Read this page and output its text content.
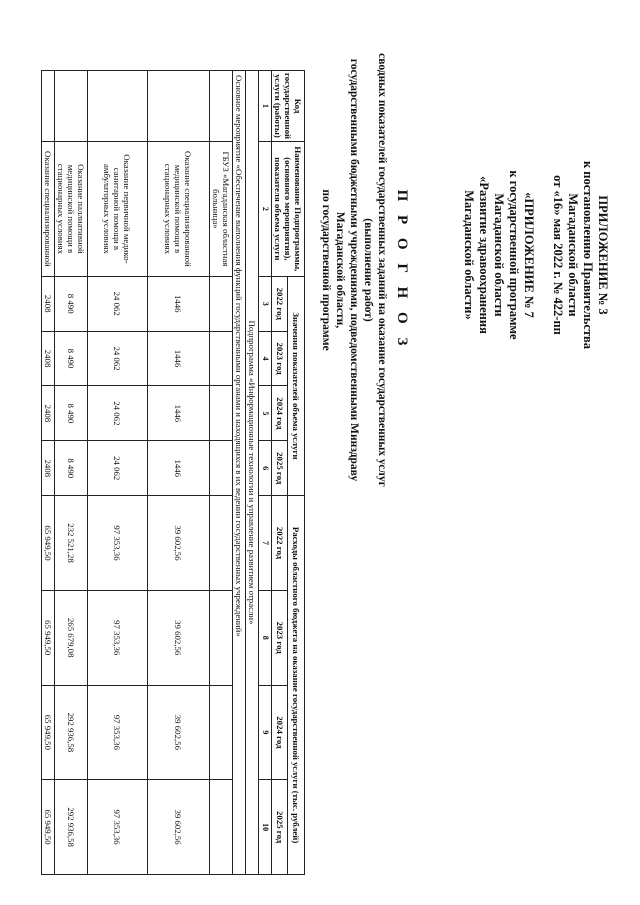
ПРИЛОЖЕНИЕ № 3
к постановлению Правительства
Магаданской области
от «16» мая 2022 г. № 422-пп
«ПРИЛОЖЕНИЕ № 7
к государственной программе
Магаданской области
«Развитие здравоохранения
Магаданской области»
П Р О Г Н О З
сводных показателей государственных заданий на оказание государственных услуг (выполнение работ)
государственными бюджетными учреждениями, подведомственными Минздраву Магаданской области,
по государственной программе
Код государственной услуги (работы)	Наименование Подпрограммы, (основного мероприятия), показателя объема услуги	Значения показателей объема услуги				Расходы областного бюджета на оказание государственной услуги (тыс. рублей)			
		2022 год	2023 год	2024 год	2025 год	2022 год	2023 год	2024 год	2025 год
1	2	3	4	5	6	7	8	9	10
Подпрограмма «Информационные технологии и управление развитием отрасли»									
Основное мероприятие «Обеспечение выполнения функций государственными органами и находящихся в их ведении государственных учреждений»									
	ГБУЗ «Магаданская областная больница»								
	Оказание специализированной медицинской помощи в стационарных условиях	1446	1446	1446	1446	39 602,56	39 602,56	39 602,56	39 602,56
	Оказание первичной медико-санитарной помощи в амбулаторных условиях	24 062	24 062	24 062	24 062	97 353,36	97 353,36	97 353,36	97 353,36
	Оказание паллиативной медицинской помощи в стационарных условиях	8 490	8 490	8 490	8 490	232 521,28	265 679,08	292 936,58	292 936,58
	Оказание специализированной	2408	2408	2408	2408	65 949,50	65 949,50	65 949,50	65 949,50
